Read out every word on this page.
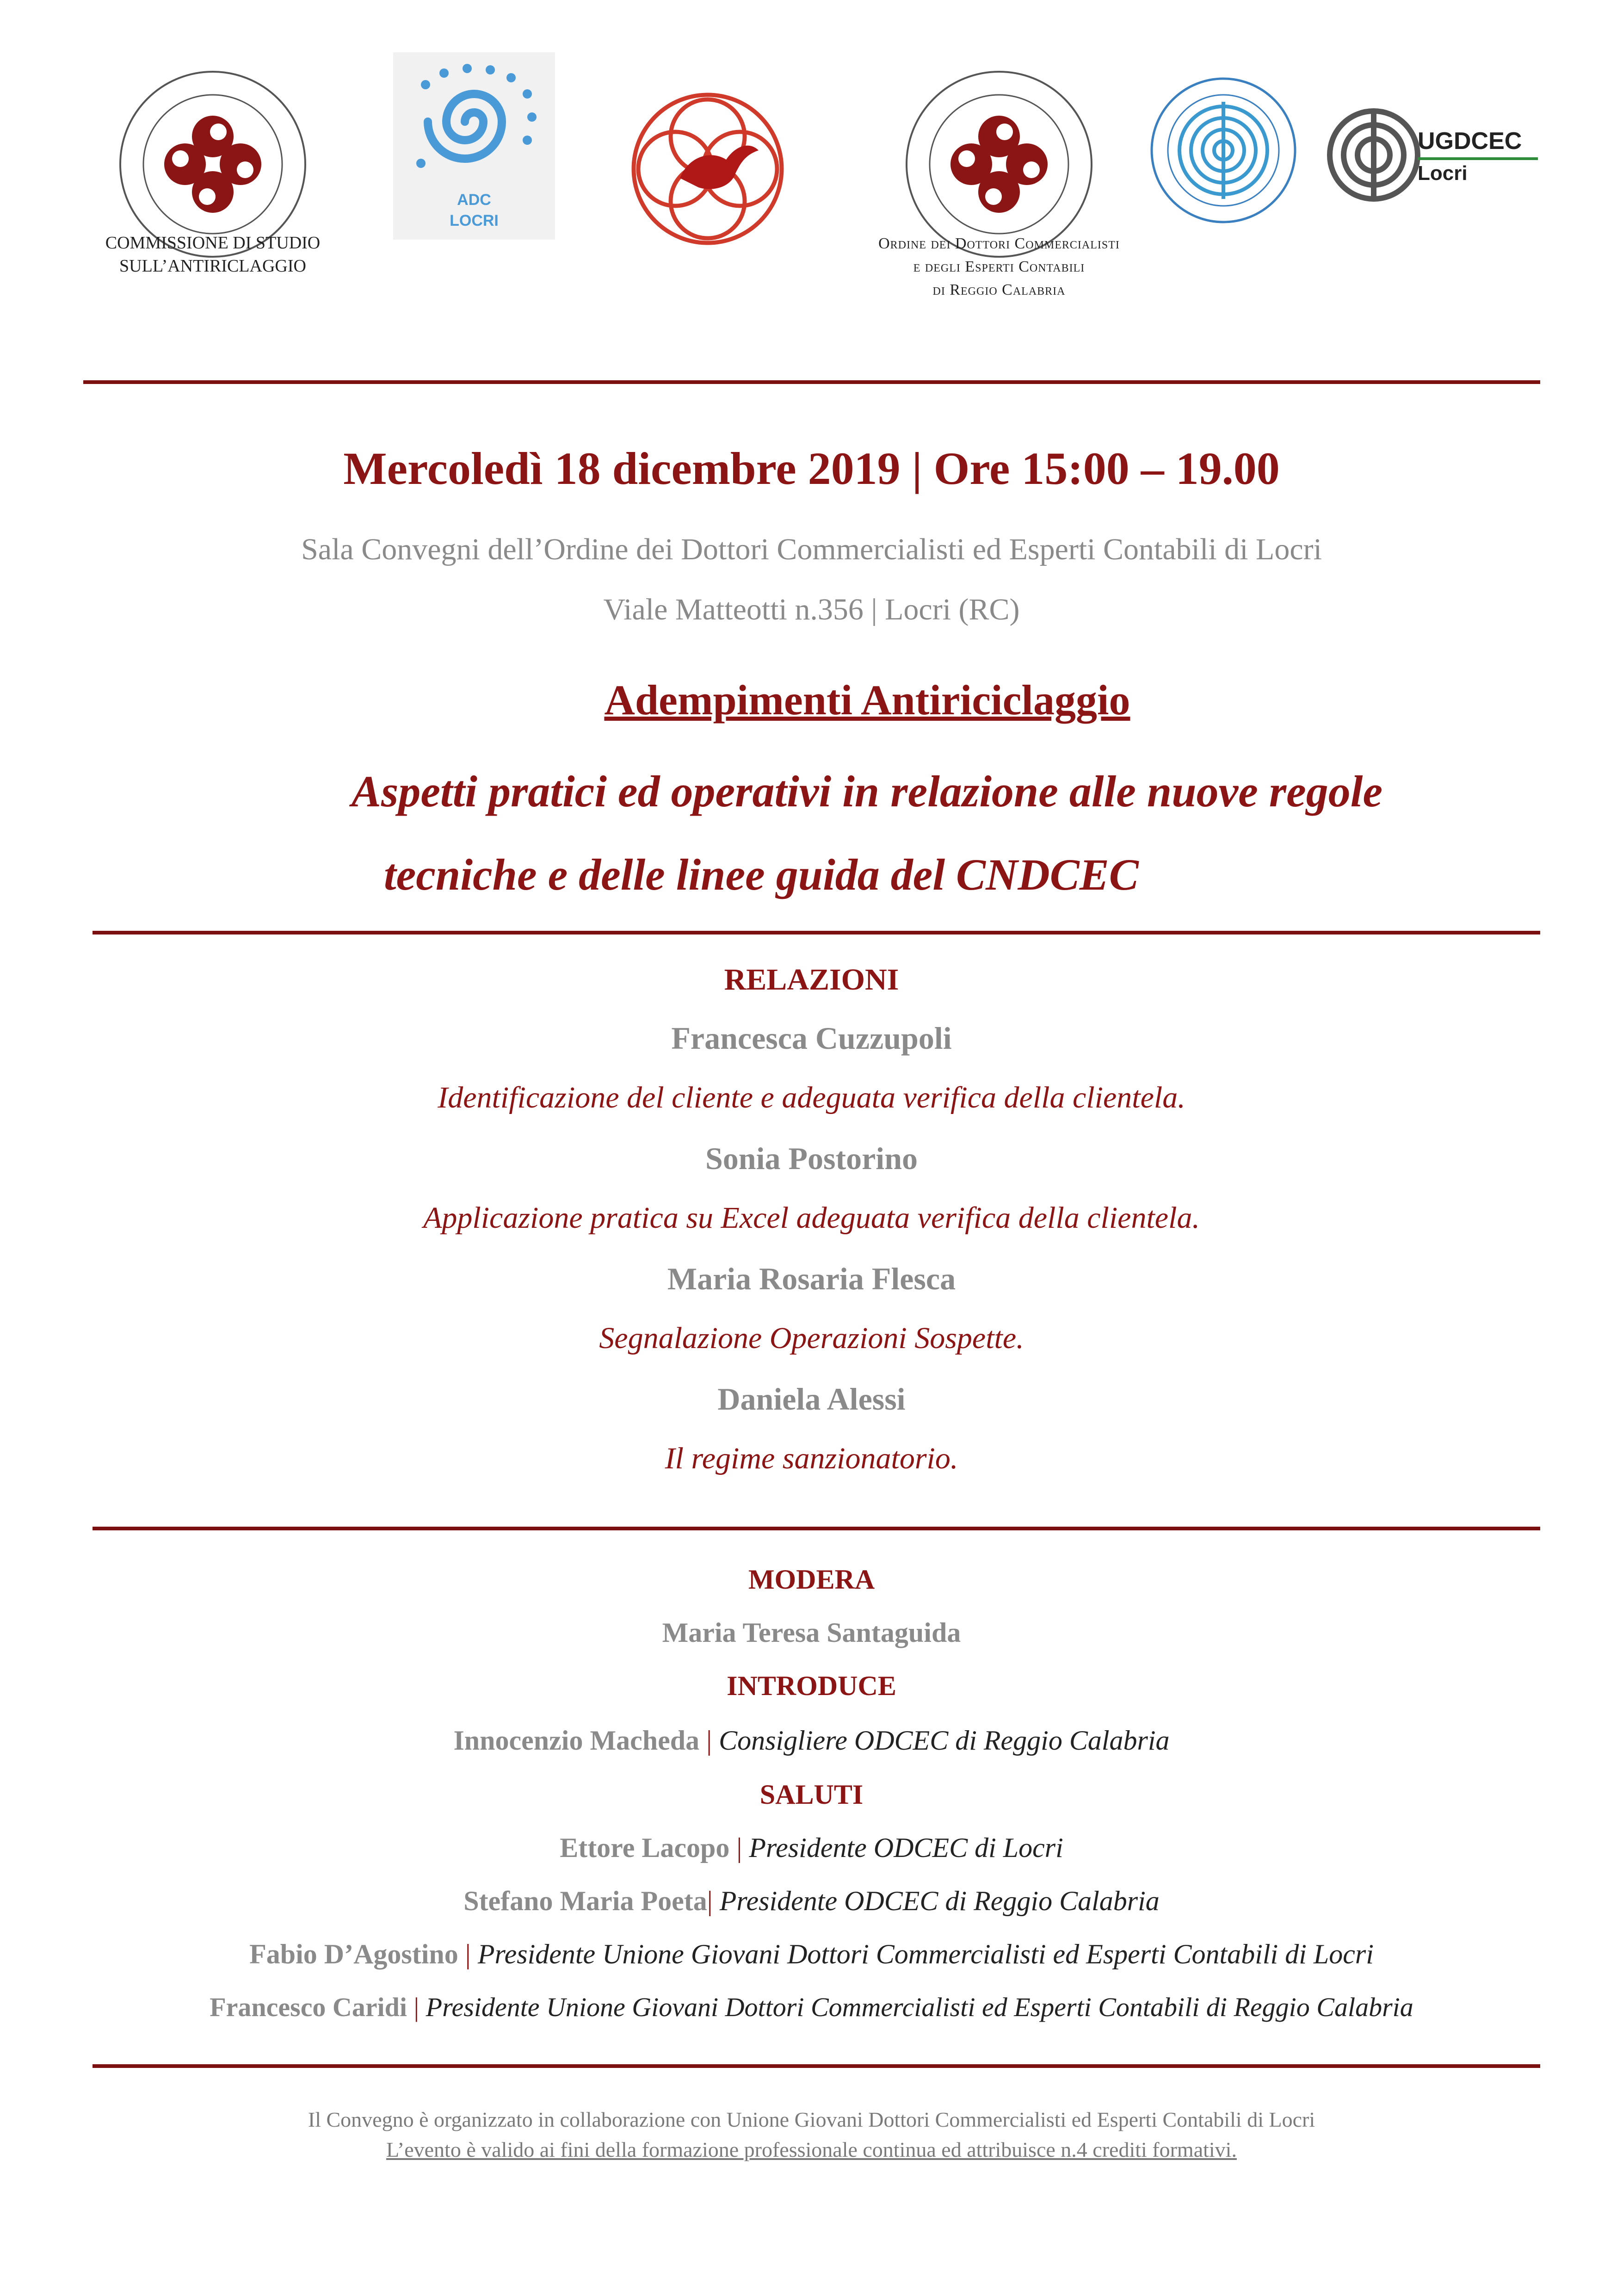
COMMISSIONE DI STUDIO
SULL’ANTIRICLAGGIO
ADC
LOCRI
Ordine dei Dottori Commercialisti
e degli Esperti Contabili
di Reggio Calabria
UGDCEC
Locri
Mercoledì 18 dicembre 2019 | Ore 15:00 – 19.00
Sala Convegni dell’Ordine dei Dottori Commercialisti ed Esperti Contabili di Locri
Viale Matteotti n.356 | Locri (RC)
Adempimenti Antiriciclaggio
Aspetti pratici ed operativi in relazione alle nuove regole
tecniche e delle linee guida del CNDCEC
RELAZIONI
Francesca Cuzzupoli
Identificazione del cliente e adeguata verifica della clientela.
Sonia Postorino
Applicazione pratica su Excel adeguata verifica della clientela.
Maria Rosaria Flesca
Segnalazione Operazioni Sospette.
Daniela Alessi
Il regime sanzionatorio.
MODERA
Maria Teresa Santaguida
INTRODUCE
Innocenzio Macheda | Consigliere ODCEC di Reggio Calabria
SALUTI
Ettore Lacopo | Presidente ODCEC di Locri
Stefano Maria Poeta| Presidente ODCEC di Reggio Calabria
Fabio D’Agostino | Presidente Unione Giovani Dottori Commercialisti ed Esperti Contabili di Locri
Francesco Caridi | Presidente Unione Giovani Dottori Commercialisti ed Esperti Contabili di Reggio Calabria
Il Convegno è organizzato in collaborazione con Unione Giovani Dottori Commercialisti ed Esperti Contabili di Locri
L’evento è valido ai fini della formazione professionale continua ed attribuisce n.4 crediti formativi.
